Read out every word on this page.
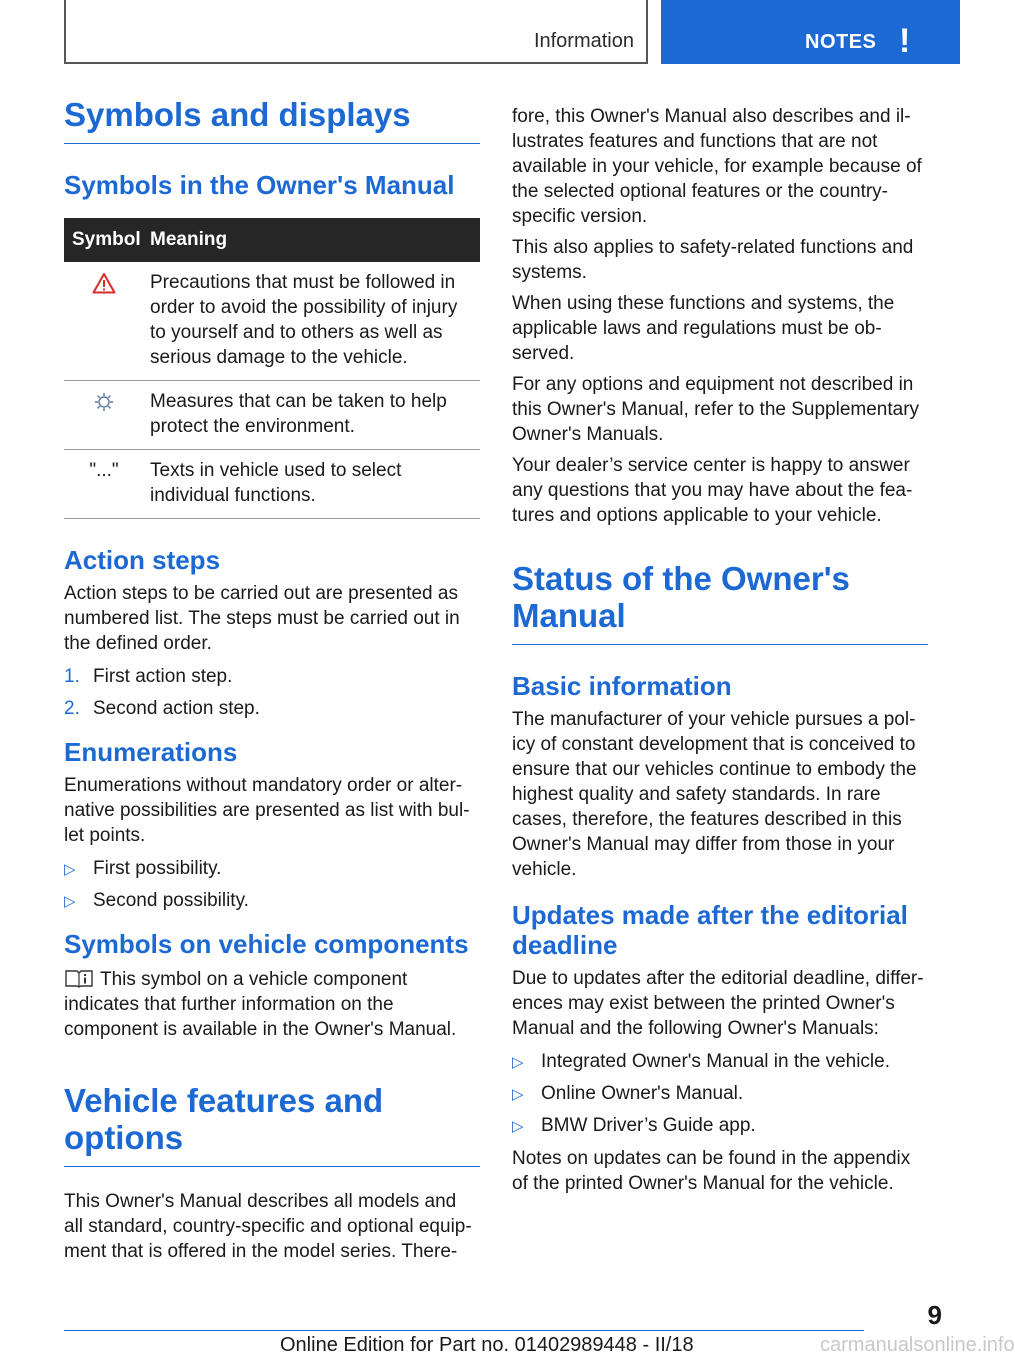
Information	NOTES !
Symbols and displays
Symbols in the Owner's Manual
Symbol	Meaning
	Precautions that must be followed in order to avoid the possibility of injury to yourself and to others as well as serious damage to the vehicle.
	Measures that can be taken to help protect the environment.
"..."	Texts in vehicle used to select individual functions.
Action steps

Action steps to be carried out are presented as numbered list. The steps must be carried out in the defined order.

1. First action step.
2. Second action step.
Enumerations

Enumerations without mandatory order or alter‐native possibilities are presented as list with bul‐let points.

▷ First possibility.
▷ Second possibility.
Symbols on vehicle components

This symbol on a vehicle component indicates that further information on the component is available in the Owner's Manual.

Vehicle features and options

This Owner's Manual describes all models and all standard, country-specific and optional equip‐ment that is offered in the model series. There‐

fore, this Owner's Manual also describes and il‐lustrates features and functions that are not available in your vehicle, for example because of the selected optional features or the country-specific version.

This also applies to safety-related functions and systems.

When using these functions and systems, the applicable laws and regulations must be ob‐served.

For any options and equipment not described in this Owner's Manual, refer to the Supplementary Owner's Manuals.

Your dealer’s service center is happy to answer any questions that you may have about the fea‐tures and options applicable to your vehicle.

Status of the Owner's Manual
Basic information

The manufacturer of your vehicle pursues a pol‐icy of constant development that is conceived to ensure that our vehicles continue to embody the highest quality and safety standards. In rare cases, therefore, the features described in this Owner's Manual may differ from those in your vehicle.

Updates made after the editorial deadline

Due to updates after the editorial deadline, differ‐ences may exist between the printed Owner's Manual and the following Owner's Manuals:

▷ Integrated Owner's Manual in the vehicle.
▷ Online Owner's Manual.
▷ BMW Driver’s Guide app.

Notes on updates can be found in the appendix of the printed Owner's Manual for the vehicle.

9
Online Edition for Part no. 01402989448 - II/18	carmanualsonline.info
